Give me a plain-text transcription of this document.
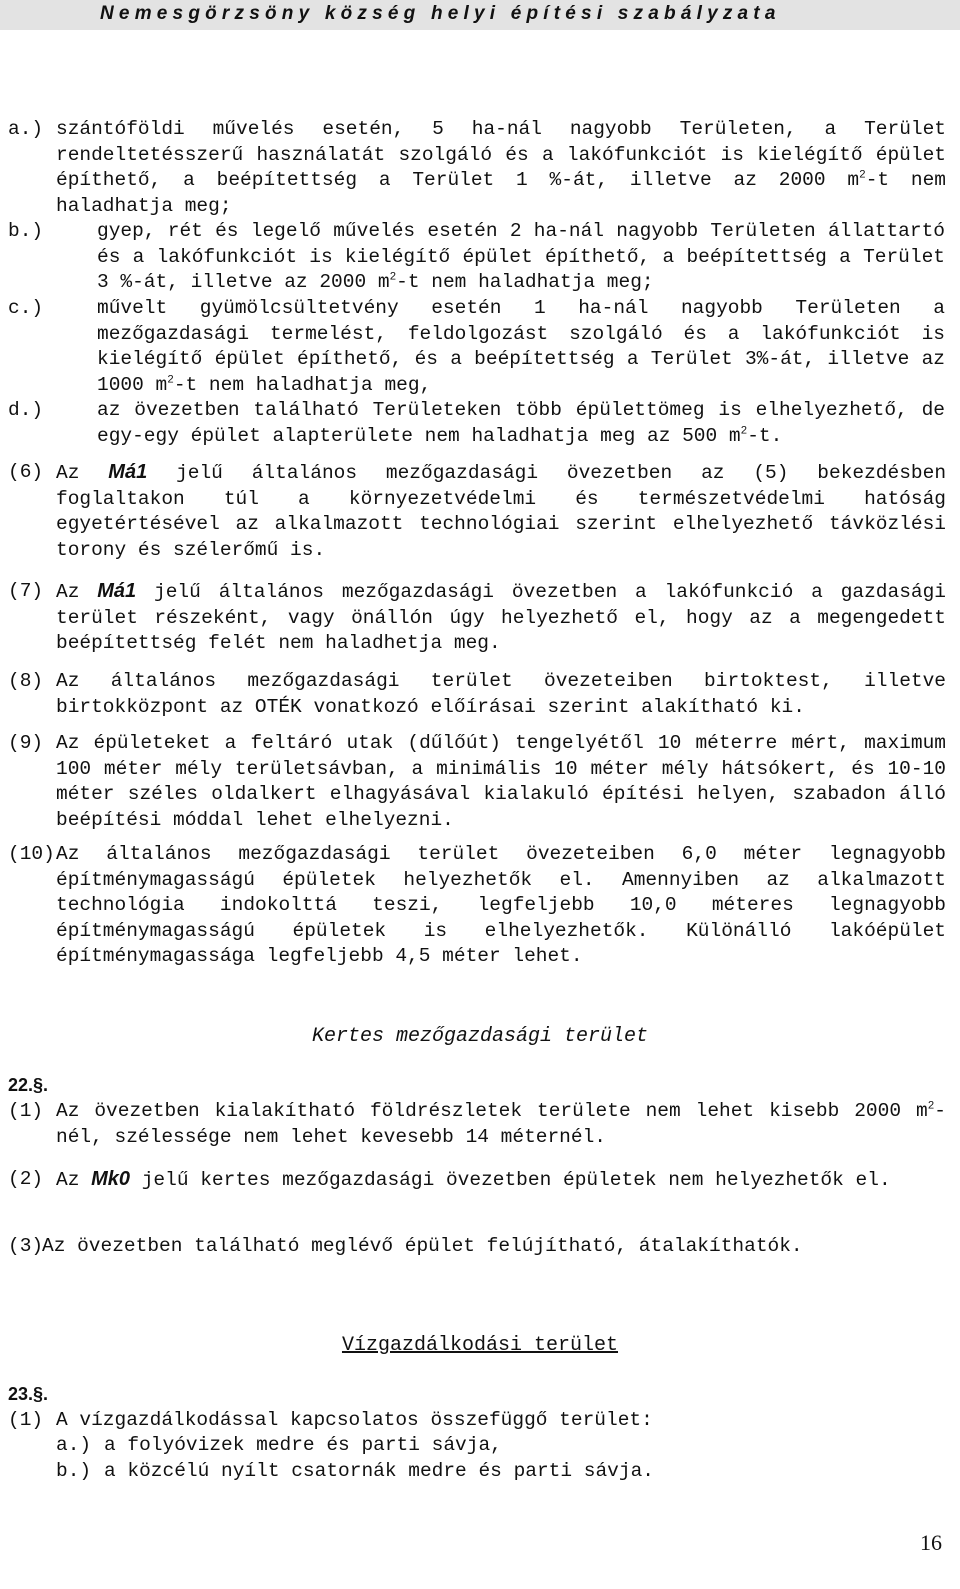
Nemesgörzsöny község helyi építési szabályzata
a.) szántóföldi művelés esetén, 5 ha-nál nagyobb Területen, a Terület rendeltetésszerű használatát szolgáló és a lakófunkciót is kielégítő épület építhető, a beépítettség a Terület 1 %-át, illetve az 2000 $m^2-t$ nem haladhatja meg;
b.)	gyep, rét és legelő művelés esetén 2 ha-nál nagyobb Területen állattartó és a lakófunkciót is kielégítő épület építhető, a beépítettség a Terület 3 %-át, illetve az 2000 $m^2-t$ nem haladhatja meg;
c.)	művelt gyümölcsültetvény esetén 1 ha-nál nagyobb Területen a mezőgazdasági termelést, feldolgozást szolgáló és a lakófunkciót is kielégítő épület építhető, és a beépítettség a Terület 3%-át, illetve az 1000 $m^2-t$ nem haladhatja meg,
d.)	az övezetben található Területeken több épülettömeg is elhelyezhető, de egy-egy épület alapterülete nem haladhatja meg az 500 $m^2-t$.
(6) Az Má1 jelű általános mezőgazdasági övezetben az (5) bekezdésben foglaltakon túl a környezetvédelmi és természetvédelmi hatóság egyetértésével az alkalmazott technológiai szerint elhelyezhető távközlési torony és szélerőmű is.
(7) Az Má1 jelű általános mezőgazdasági övezetben a lakófunkció a gazdasági terület részeként, vagy önállón úgy helyezhető el, hogy az a megengedett beépítettség felét nem haladhetja meg.
(8) Az általános mezőgazdasági terület övezeteiben birtoktest, illetve birtokközpont az OTÉK vonatkozó előírásai szerint alakítható ki.
(9) Az épületeket a feltáró utak (dűlőút) tengelyétől 10 méterre mért, maximum 100 méter mély területsávban, a minimális 10 méter mély hátsókert, és 10-10 méter széles oldalkert elhagyásával kialakuló építési helyen, szabadon álló beépítési móddal lehet elhelyezni.
(10) Az általános mezőgazdasági terület övezeteiben 6,0 méter legnagyobb építménymagasságú épületek helyezhetők el. Amennyiben az alkalmazott technológia indokolttá teszi, legfeljebb 10,0 méteres legnagyobb építménymagasságú épületek is elhelyezhetők. Különálló lakóépület építménymagassága legfeljebb 4,5 méter lehet.
Kertes mezőgazdasági terület
22.§.
(1) Az övezetben kialakítható földrészletek területe nem lehet kisebb 2000 $m^2$-nél, szélessége nem lehet kevesebb 14 méternél.
(2) Az Mk0 jelű kertes mezőgazdasági övezetben épületek nem helyezhetők el.
(3)
Az övezetben található meglévő épület felújítható, átalakíthatók.
Vízgazdálkodási terület
23.§.
(1) A vízgazdálkodással kapcsolatos összefüggő terület:
a.) a folyóvizek medre és parti sávja,
b.) a közcélú nyílt csatornák medre és parti sávja.
16
